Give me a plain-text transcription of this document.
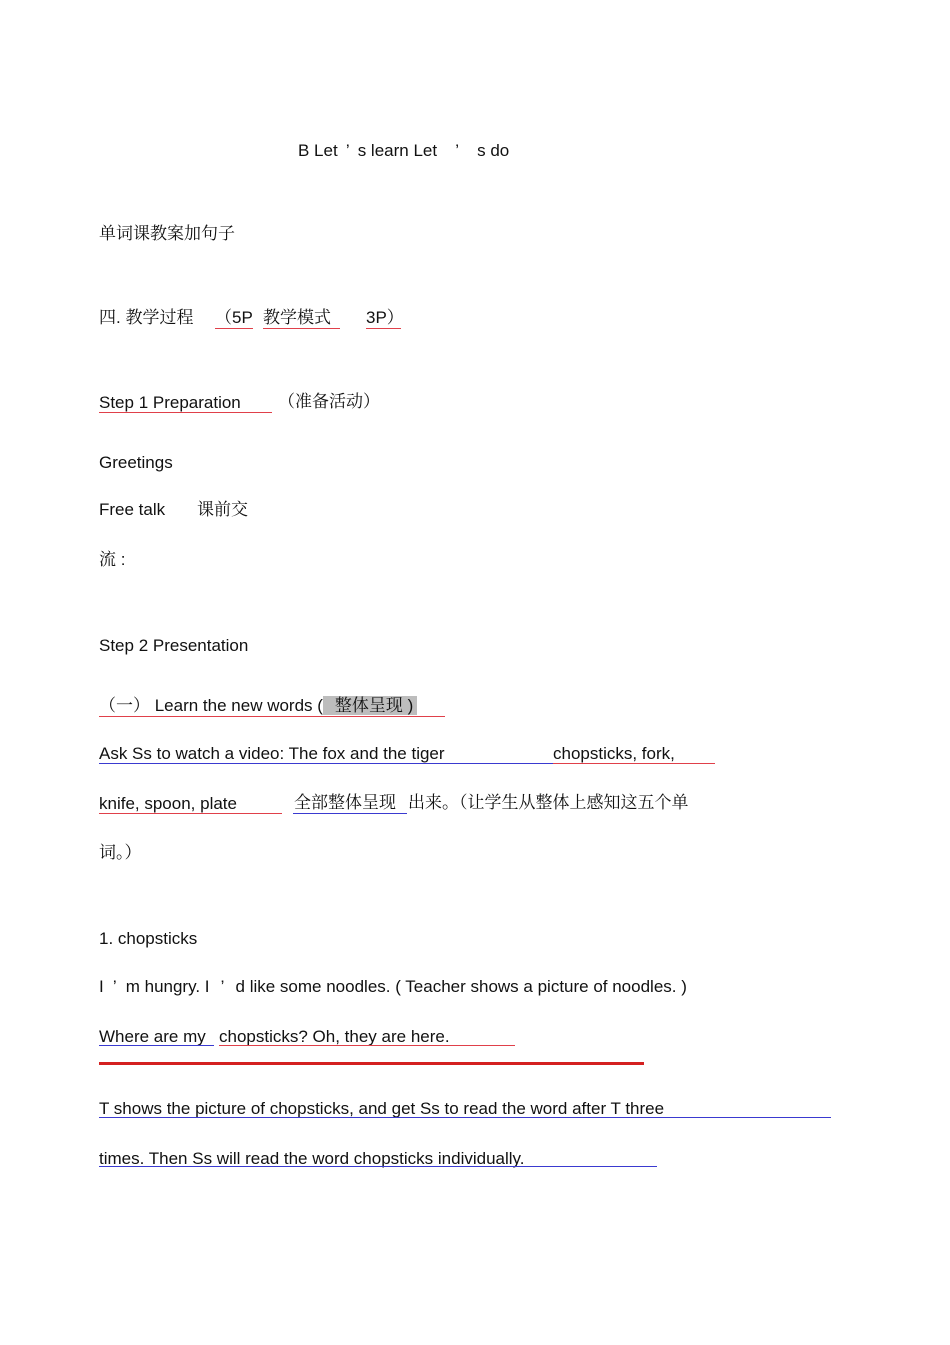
B Let ’ s learn Let ’ s do
单词课教案加句子
四. 教学过程 （5P 教学模式 3P）
Step 1 Preparation （准备活动）
Greetings
Free talk 课前交
流 :
Step 2 Presentation
（一） Learn the new words ( 整体呈现 )
Ask Ss to watch a video: The fox and the tiger	chopsticks, fork,
knife, spoon, plate	全部整体呈现 出来。（让学生从整体上感知这五个单
词。）
1. chopsticks
I ’ m hungry. I ’ d like some noodles. ( Teacher shows a picture of noodles. )
Where are my chopsticks? Oh, they are here.
T shows the picture of chopsticks, and get Ss to read the word after T three
times. Then Ss will read the word chopsticks individually.
